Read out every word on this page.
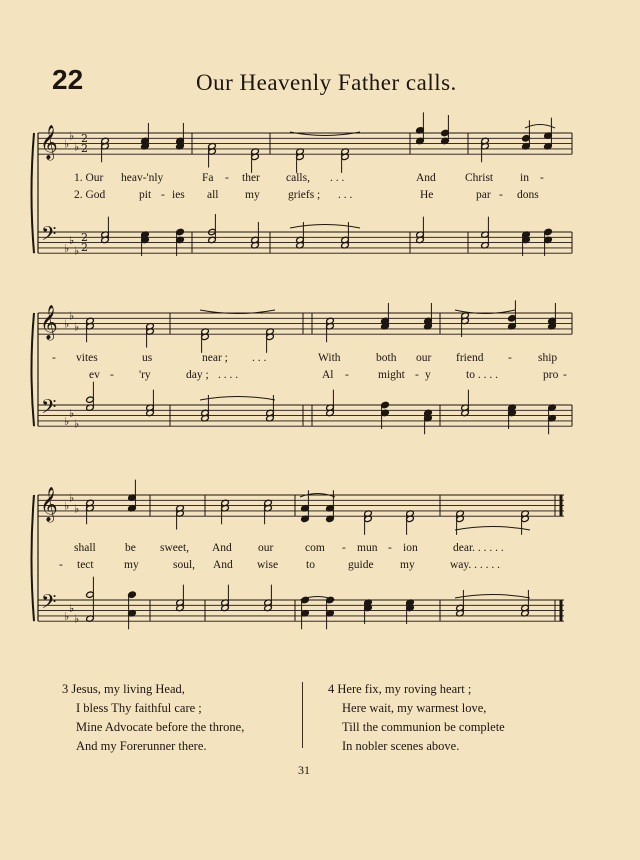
22	Our Heavenly Father calls.
𝄞
𝄢
♭
♭
♭
♭
♭
♭
2
2
2
2
𝄞
𝄢
♭
♭
♭
♭
♭
♭
𝄞
𝄢
♭
♭
♭
♭
♭
♭
1. Our heav-'nly	Fa - ther calls, . . .	And	Christ in -
2. God	pit - ies all my griefs ; . . .	He	par - dons
- vites	us	near ; . . .	With	both our friend - ship
ev - 'ry	day ; . . . .	Al -	might - y	to . . . .	pro -
shall	be sweet, And our	com - mun - ion	dear. . . . . .
- tect	my	soul, And wise to	guide my	way. . . . . .
3 Jesus, my living Head,
I bless Thy faithful care ;
Mine Advocate before the throne,
And my Forerunner there.
4 Here fix, my roving heart ;
Here wait, my warmest love,
Till the communion be complete
In nobler scenes above.
31
